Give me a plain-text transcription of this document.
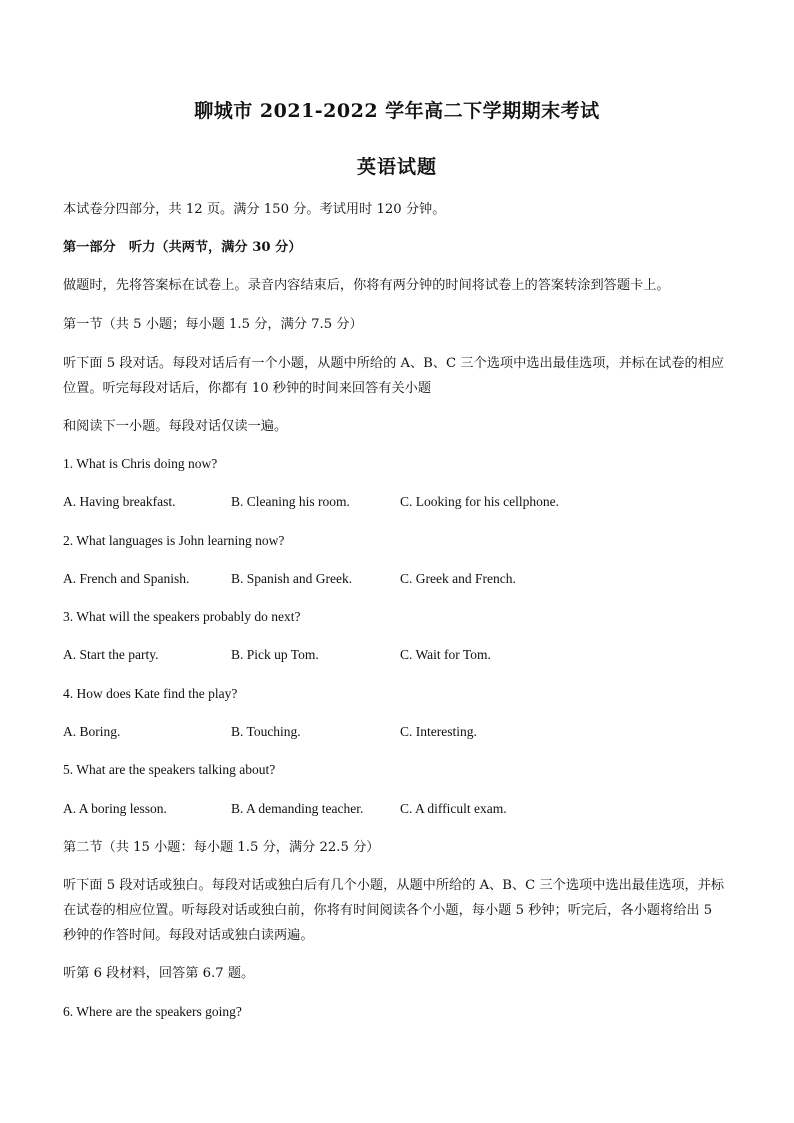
聊城市 2021-2022 学年高二下学期期末考试
英语试题
本试卷分四部分，共 12 页。满分 150 分。考试用时 120 分钟。
第一部分　听力（共两节，满分 30 分）
做题时，先将答案标在试卷上。录音内容结束后，你将有两分钟的时间将试卷上的答案转涂到答题卡上。
第一节（共 5 小题；每小题 1.5 分，满分 7.5 分）
听下面 5 段对话。每段对话后有一个小题，从题中所给的 A、B、C 三个选项中选出最佳选项，并标在试卷的相应位置。听完每段对话后，你都有 10 秒钟的时间来回答有关小题
和阅读下一小题。每段对话仅读一遍。
1. What is Chris doing now?
A. Having breakfast.	B. Cleaning his room.	C. Looking for his cellphone.
2. What languages is John learning now?
A. French and Spanish.	B. Spanish and Greek.	C. Greek and French.
3. What will the speakers probably do next?
A. Start the party.	B. Pick up Tom.	C. Wait for Tom.
4. How does Kate find the play?
A. Boring.	B. Touching.	C. Interesting.
5. What are the speakers talking about?
A. A boring lesson.	B. A demanding teacher.	C. A difficult exam.
第二节（共 15 小题：每小题 1.5 分，满分 22.5 分）
听下面 5 段对话或独白。每段对话或独白后有几个小题，从题中所给的 A、B、C 三个选项中选出最佳选项，并标在试卷的相应位置。听每段对话或独白前，你将有时间阅读各个小题，每小题 5 秒钟；听完后，各小题将给出 5 秒钟的作答时间。每段对话或独白读两遍。
听第 6 段材料，回答第 6.7 题。
6. Where are the speakers going?
